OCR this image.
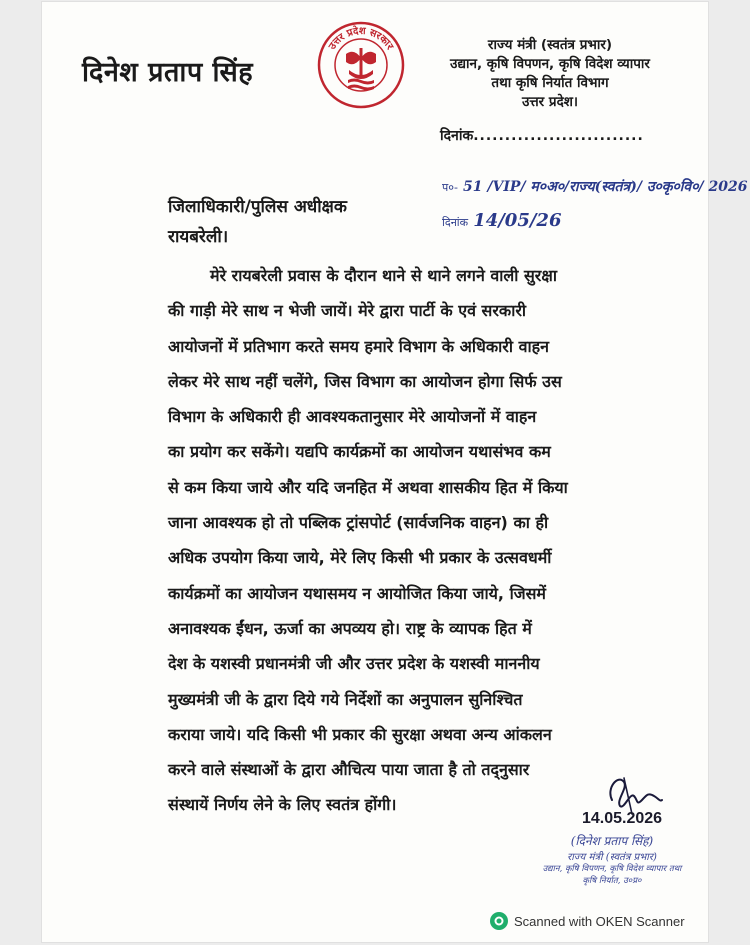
दिनेश प्रताप सिंह
उत्तर प्रदेश सरकार	राज्य मंत्री (स्वतंत्र प्रभार)
उद्यान, कृषि विपणन, कृषि विदेश व्यापार
तथा कृषि निर्यात विभाग
उत्तर प्रदेश।
दिनांक...........................
प०- 51 /VIP/ म०अ०/राज्य(स्वतंत्र)/ उ०कृ०वि०/ 2026
दिनांक 14/05/26
जिलाधिकारी/पुलिस अधीक्षक
रायबरेली।
मेरे रायबरेली प्रवास के दौरान थाने से थाने लगने वाली सुरक्षा
की गाड़ी मेरे साथ न भेजी जायें। मेरे द्वारा पार्टी के एवं सरकारी
आयोजनों में प्रतिभाग करते समय हमारे विभाग के अधिकारी वाहन
लेकर मेरे साथ नहीं चलेंगे, जिस विभाग का आयोजन होगा सिर्फ उस
विभाग के अधिकारी ही आवश्यकतानुसार मेरे आयोजनों में वाहन
का प्रयोग कर सकेंगे। यद्यपि कार्यक्रमों का आयोजन यथासंभव कम
से कम किया जाये और यदि जनहित में अथवा शासकीय हित में किया
जाना आवश्यक हो तो पब्लिक ट्रांसपोर्ट (सार्वजनिक वाहन) का ही
अधिक उपयोग किया जाये, मेरे लिए किसी भी प्रकार के उत्सवधर्मी
कार्यक्रमों का आयोजन यथासमय न आयोजित किया जाये, जिसमें
अनावश्यक ईंधन, ऊर्जा का अपव्यय हो। राष्ट्र के व्यापक हित में
देश के यशस्वी प्रधानमंत्री जी और उत्तर प्रदेश के यशस्वी माननीय
मुख्यमंत्री जी के द्वारा दिये गये निर्देशों का अनुपालन सुनिश्चित
कराया जाये। यदि किसी भी प्रकार की सुरक्षा अथवा अन्य आंकलन
करने वाले संस्थाओं के द्वारा औचित्य पाया जाता है तो तद्नुसार
संस्थायें निर्णय लेने के लिए स्वतंत्र होंगी।
14.05.2026
(दिनेश प्रताप सिंह)
राज्य मंत्री (स्वतंत्र प्रभार)
उद्यान, कृषि विपणन, कृषि विदेश व्यापार तथा
कृषि निर्यात, उ०प्र०
Scanned with OKEN Scanner
